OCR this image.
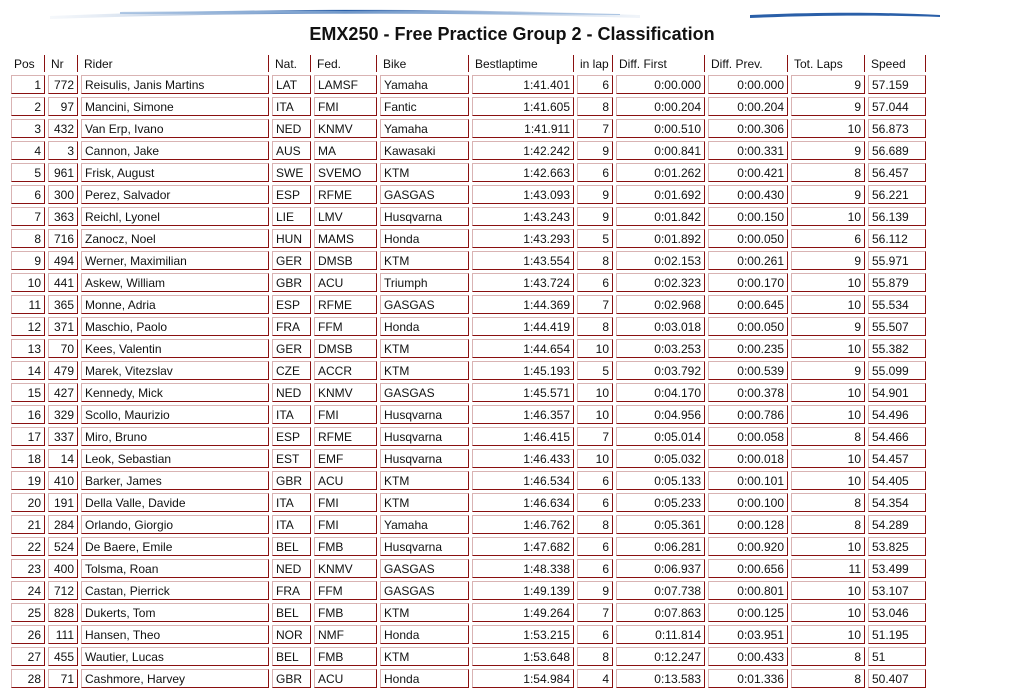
EMX250 - Free Practice Group 2 - Classification
Pos	Nr	Rider	Nat.	Fed.	Bike	Bestlaptime	in lap	Diff. First	Diff. Prev.	Tot. Laps	Speed
1	772	Reisulis, Janis Martins	LAT	LAMSF	Yamaha	1:41.401	6	0:00.000	0:00.000	9	57.159
2	97	Mancini, Simone	ITA	FMI	Fantic	1:41.605	8	0:00.204	0:00.204	9	57.044
3	432	Van Erp, Ivano	NED	KNMV	Yamaha	1:41.911	7	0:00.510	0:00.306	10	56.873
4	3	Cannon, Jake	AUS	MA	Kawasaki	1:42.242	9	0:00.841	0:00.331	9	56.689
5	961	Frisk, August	SWE	SVEMO	KTM	1:42.663	6	0:01.262	0:00.421	8	56.457
6	300	Perez, Salvador	ESP	RFME	GASGAS	1:43.093	9	0:01.692	0:00.430	9	56.221
7	363	Reichl, Lyonel	LIE	LMV	Husqvarna	1:43.243	9	0:01.842	0:00.150	10	56.139
8	716	Zanocz, Noel	HUN	MAMS	Honda	1:43.293	5	0:01.892	0:00.050	6	56.112
9	494	Werner, Maximilian	GER	DMSB	KTM	1:43.554	8	0:02.153	0:00.261	9	55.971
10	441	Askew, William	GBR	ACU	Triumph	1:43.724	6	0:02.323	0:00.170	10	55.879
11	365	Monne, Adria	ESP	RFME	GASGAS	1:44.369	7	0:02.968	0:00.645	10	55.534
12	371	Maschio, Paolo	FRA	FFM	Honda	1:44.419	8	0:03.018	0:00.050	9	55.507
13	70	Kees, Valentin	GER	DMSB	KTM	1:44.654	10	0:03.253	0:00.235	10	55.382
14	479	Marek, Vitezslav	CZE	ACCR	KTM	1:45.193	5	0:03.792	0:00.539	9	55.099
15	427	Kennedy, Mick	NED	KNMV	GASGAS	1:45.571	10	0:04.170	0:00.378	10	54.901
16	329	Scollo, Maurizio	ITA	FMI	Husqvarna	1:46.357	10	0:04.956	0:00.786	10	54.496
17	337	Miro, Bruno	ESP	RFME	Husqvarna	1:46.415	7	0:05.014	0:00.058	8	54.466
18	14	Leok, Sebastian	EST	EMF	Husqvarna	1:46.433	10	0:05.032	0:00.018	10	54.457
19	410	Barker, James	GBR	ACU	KTM	1:46.534	6	0:05.133	0:00.101	10	54.405
20	191	Della Valle, Davide	ITA	FMI	KTM	1:46.634	6	0:05.233	0:00.100	8	54.354
21	284	Orlando, Giorgio	ITA	FMI	Yamaha	1:46.762	8	0:05.361	0:00.128	8	54.289
22	524	De Baere, Emile	BEL	FMB	Husqvarna	1:47.682	6	0:06.281	0:00.920	10	53.825
23	400	Tolsma, Roan	NED	KNMV	GASGAS	1:48.338	6	0:06.937	0:00.656	11	53.499
24	712	Castan, Pierrick	FRA	FFM	GASGAS	1:49.139	9	0:07.738	0:00.801	10	53.107
25	828	Dukerts, Tom	BEL	FMB	KTM	1:49.264	7	0:07.863	0:00.125	10	53.046
26	111	Hansen, Theo	NOR	NMF	Honda	1:53.215	6	0:11.814	0:03.951	10	51.195
27	455	Wautier, Lucas	BEL	FMB	KTM	1:53.648	8	0:12.247	0:00.433	8	51
28	71	Cashmore, Harvey	GBR	ACU	Honda	1:54.984	4	0:13.583	0:01.336	8	50.407
